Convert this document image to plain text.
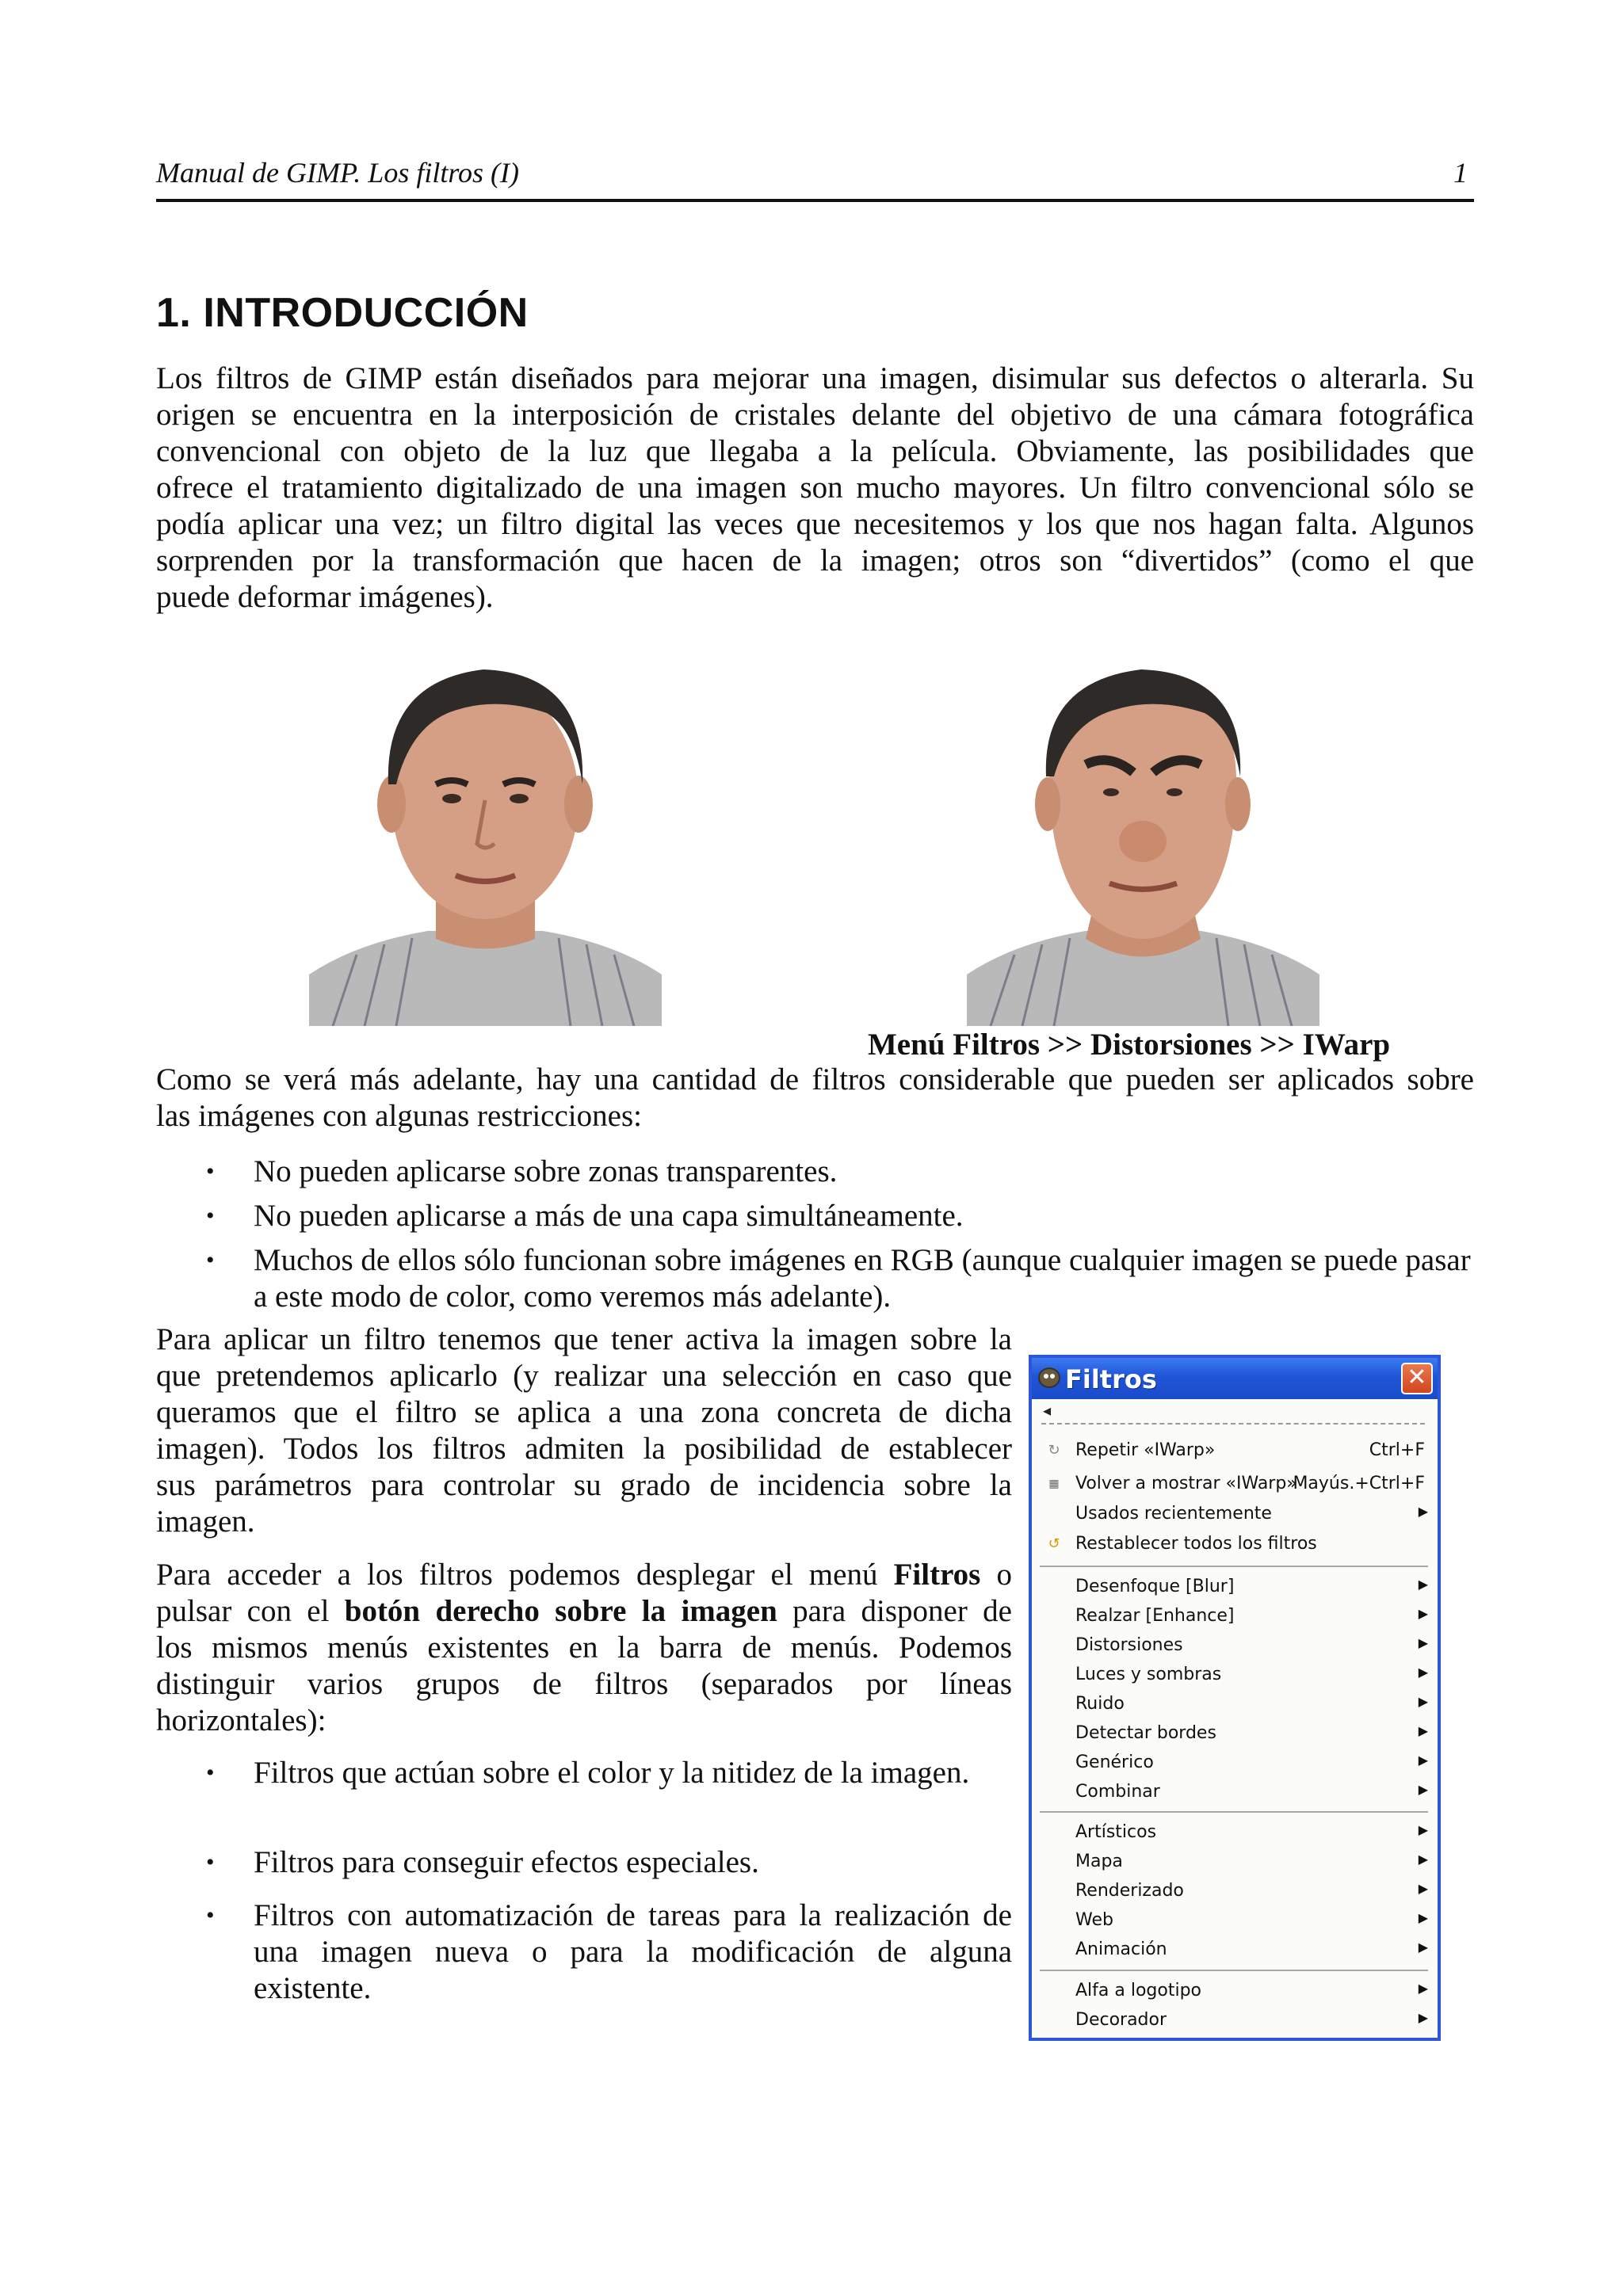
Manual de GIMP. Los filtros (I)	1
1. INTRODUCCIÓN

Los filtros de GIMP están diseñados para mejorar una imagen, disimular sus defectos o alterarla. Su
origen se encuentra en la interposición de cristales delante del objetivo de una cámara fotográfica
convencional con objeto de la luz que llegaba a la película. Obviamente, las posibilidades que
ofrece el tratamiento digitalizado de una imagen son mucho mayores. Un filtro convencional sólo se
podía aplicar una vez; un filtro digital las veces que necesitemos y los que nos hagan falta. Algunos
sorprenden por la transformación que hacen de la imagen; otros son “divertidos” (como el que
puede deformar imágenes).

Menú Filtros >> Distorsiones >> IWarp

Como se verá más adelante, hay una cantidad de filtros considerable que pueden ser aplicados sobre
las imágenes con algunas restricciones:

• No pueden aplicarse sobre zonas transparentes.
• No pueden aplicarse a más de una capa simultáneamente.
• Muchos de ellos sólo funcionan sobre imágenes en RGB (aunque cualquier imagen se puede pasar a este modo de color, como veremos más adelante).

Para aplicar un filtro tenemos que tener activa la imagen sobre la
que pretendemos aplicarlo (y realizar una selección en caso que
queramos que el filtro se aplica a una zona concreta de dicha
imagen). Todos los filtros admiten la posibilidad de establecer
sus parámetros para controlar su grado de incidencia sobre la
imagen.

Para acceder a los filtros podemos desplegar el menú Filtros o
pulsar con el botón derecho sobre la imagen para disponer de
los mismos menús existentes en la barra de menús. Podemos
distinguir varios grupos de filtros (separados por líneas
horizontales):

• Filtros que actúan sobre el color y la nitidez de la imagen.
• Filtros para conseguir efectos especiales.
• Filtros con automatización de tareas para la realización de una imagen nueva o para la modificación de alguna existente.
Filtros	✕
◂
↻ Repetir «IWarp»	Ctrl+F
▦ Volver a mostrar «IWarp»
Mayús.+Ctrl+F
Usados recientemente	▶
↺ Restablecer todos los filtros
Desenfoque [Blur]	▶
Realzar [Enhance]	▶
Distorsiones	▶
Luces y sombras	▶
Ruido	▶
Detectar bordes	▶
Genérico	▶
Combinar	▶
Artísticos	▶
Mapa	▶
Renderizado	▶
Web	▶
Animación	▶
Alfa a logotipo	▶
Decorador	▶
